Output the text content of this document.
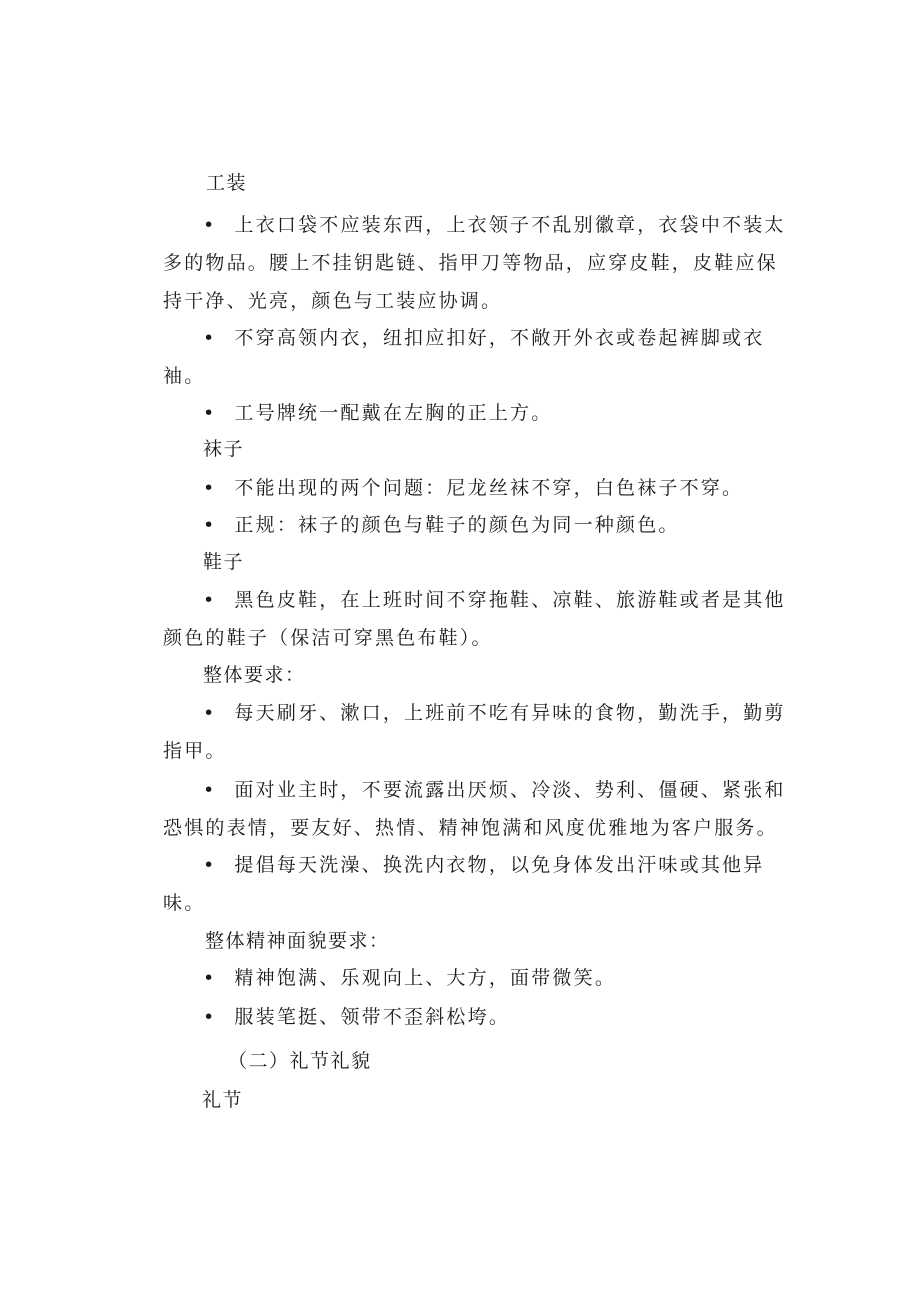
工装
• 上衣口袋不应装东西，上衣领子不乱别徽章，衣袋中不装太
多的物品。腰上不挂钥匙链、指甲刀等物品，应穿皮鞋，皮鞋应保
持干净、光亮，颜色与工装应协调。
• 不穿高领内衣，纽扣应扣好，不敞开外衣或卷起裤脚或衣
袖。
• 工号牌统一配戴在左胸的正上方。
袜子
• 不能出现的两个问题：尼龙丝袜不穿，白色袜子不穿。
• 正规：袜子的颜色与鞋子的颜色为同一种颜色。
鞋子
• 黑色皮鞋，在上班时间不穿拖鞋、凉鞋、旅游鞋或者是其他
颜色的鞋子（保洁可穿黑色布鞋）。
整体要求：
• 每天刷牙、漱口，上班前不吃有异味的食物，勤洗手，勤剪
指甲。
• 面对业主时，不要流露出厌烦、冷淡、势利、僵硬、紧张和
恐惧的表情，要友好、热情、精神饱满和风度优雅地为客户服务。
• 提倡每天洗澡、换洗内衣物，以免身体发出汗味或其他异
味。
整体精神面貌要求：
• 精神饱满、乐观向上、大方，面带微笑。
• 服装笔挺、领带不歪斜松垮。
（二）礼节礼貌
礼节
